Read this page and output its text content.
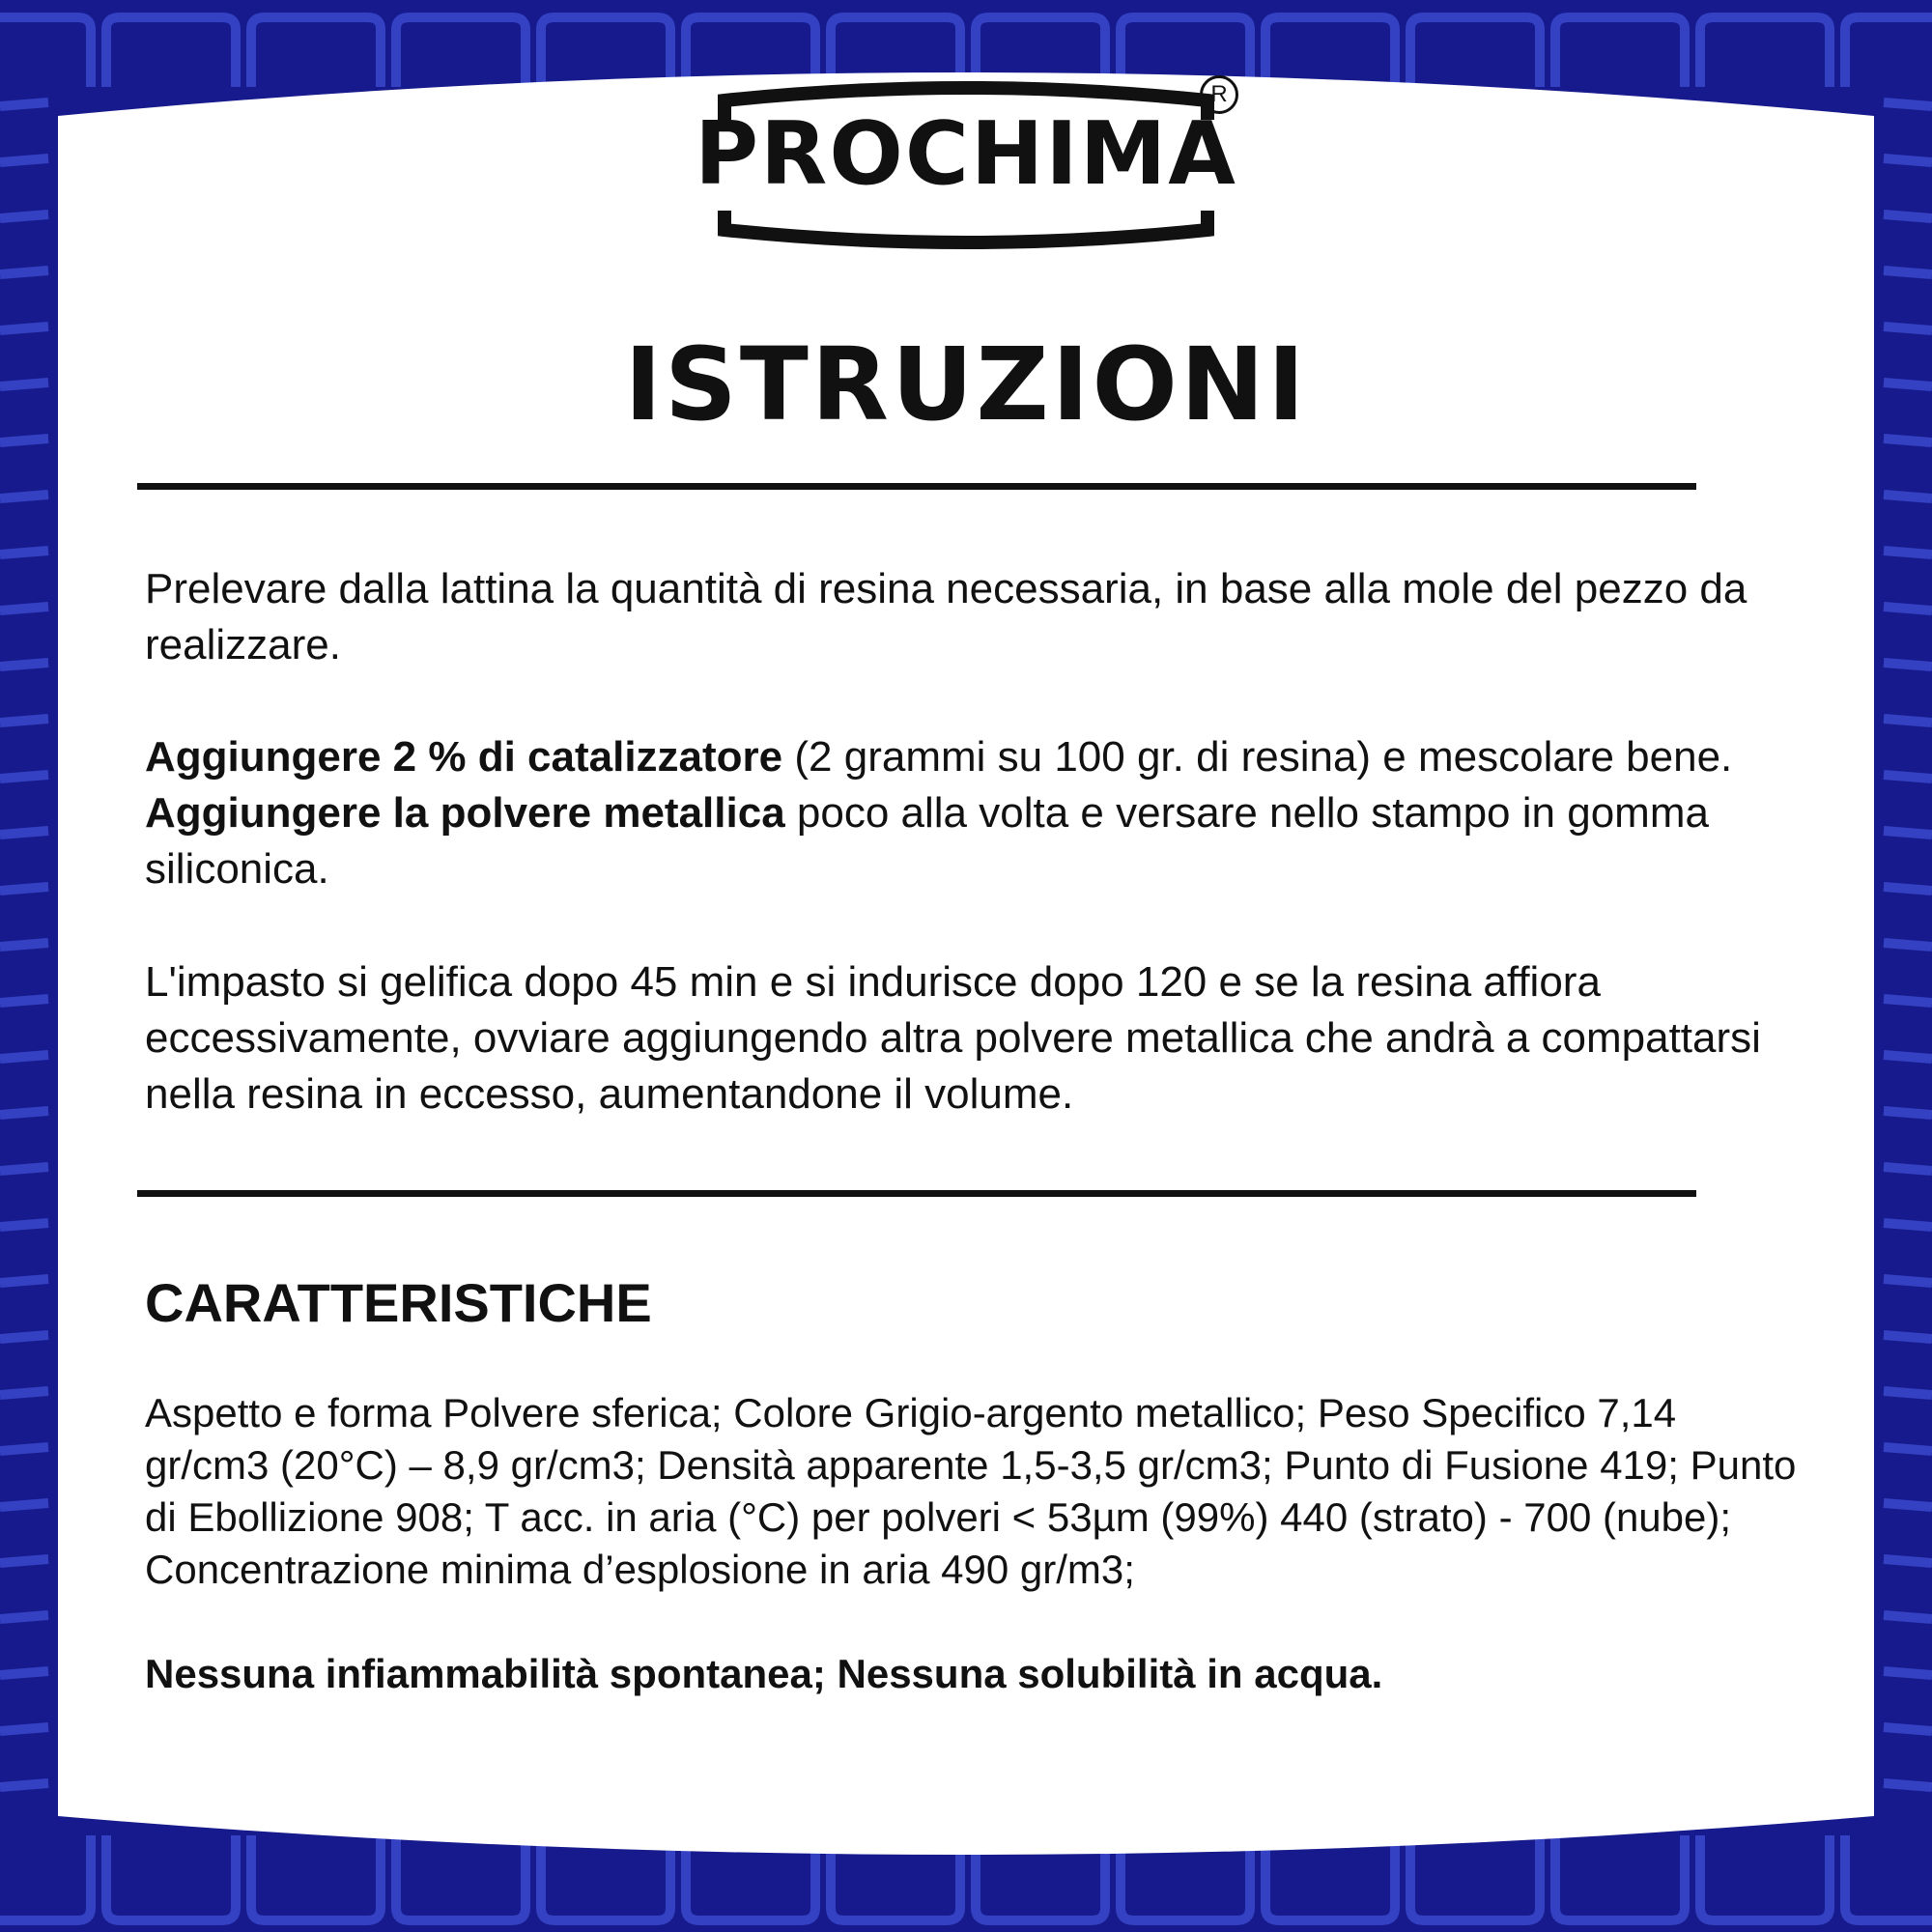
PROCHIMA
R
ISTRUZIONI

Prelevare dalla lattina la quantità di resina necessaria, in base alla mole del pezzo da realizzare.

Aggiungere 2 % di catalizzatore (2 grammi su 100 gr. di resina) e mescolare bene. Aggiungere la polvere metallica poco alla volta e versare nello stampo in gomma siliconica.

L'impasto si gelifica dopo 45 min e si indurisce dopo 120 e se la resina affiora eccessivamente, ovviare aggiungendo altra polvere metallica che andrà a compattarsi nella resina in eccesso, aumentandone il volume.

CARATTERISTICHE

Aspetto e forma Polvere sferica; Colore Grigio-argento metallico; Peso Specifico 7,14 gr/cm3 (20°C) – 8,9 gr/cm3; Densità apparente 1,5-3,5 gr/cm3; Punto di Fusione 419; Punto di Ebollizione 908; T acc. in aria (°C) per polveri < 53µm (99%) 440 (strato) - 700 (nube); Concentrazione minima d’esplosione in aria 490 gr/m3;

Nessuna infiammabilità spontanea; Nessuna solubilità in acqua.
